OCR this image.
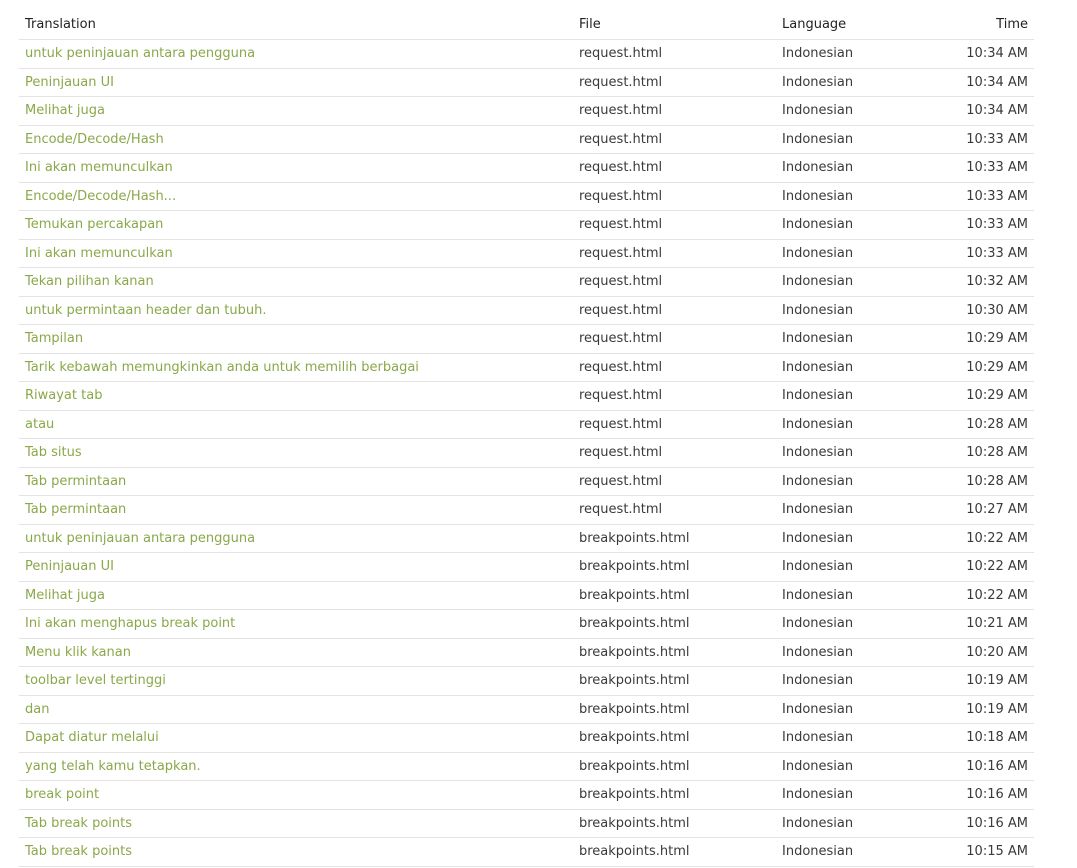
Translation	File	Language	Time
untuk peninjauan antara pengguna	request.html	Indonesian	10:34 AM
Peninjauan UI	request.html	Indonesian	10:34 AM
Melihat juga	request.html	Indonesian	10:34 AM
Encode/Decode/Hash	request.html	Indonesian	10:33 AM
Ini akan memunculkan	request.html	Indonesian	10:33 AM
Encode/Decode/Hash...	request.html	Indonesian	10:33 AM
Temukan percakapan	request.html	Indonesian	10:33 AM
Ini akan memunculkan	request.html	Indonesian	10:33 AM
Tekan pilihan kanan	request.html	Indonesian	10:32 AM
untuk permintaan header dan tubuh.	request.html	Indonesian	10:30 AM
Tampilan	request.html	Indonesian	10:29 AM
Tarik kebawah memungkinkan anda untuk memilih berbagai	request.html	Indonesian	10:29 AM
Riwayat tab	request.html	Indonesian	10:29 AM
atau	request.html	Indonesian	10:28 AM
Tab situs	request.html	Indonesian	10:28 AM
Tab permintaan	request.html	Indonesian	10:28 AM
Tab permintaan	request.html	Indonesian	10:27 AM
untuk peninjauan antara pengguna	breakpoints.html	Indonesian	10:22 AM
Peninjauan UI	breakpoints.html	Indonesian	10:22 AM
Melihat juga	breakpoints.html	Indonesian	10:22 AM
Ini akan menghapus break point	breakpoints.html	Indonesian	10:21 AM
Menu klik kanan	breakpoints.html	Indonesian	10:20 AM
toolbar level tertinggi	breakpoints.html	Indonesian	10:19 AM
dan	breakpoints.html	Indonesian	10:19 AM
Dapat diatur melalui	breakpoints.html	Indonesian	10:18 AM
yang telah kamu tetapkan.	breakpoints.html	Indonesian	10:16 AM
break point	breakpoints.html	Indonesian	10:16 AM
Tab break points	breakpoints.html	Indonesian	10:16 AM
Tab break points	breakpoints.html	Indonesian	10:15 AM
